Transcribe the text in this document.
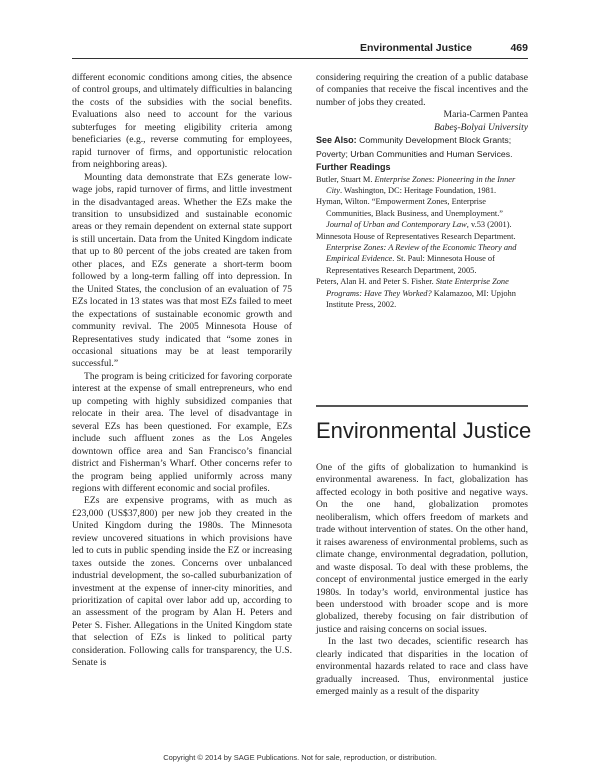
Environmental Justice	469

different economic conditions among cities, the absence of control groups, and ultimately difficulties in balancing the costs of the subsidies with the social benefits. Evaluations also need to account for the various subterfuges for meeting eligibility criteria among beneficiaries (e.g., reverse commuting for employees, rapid turnover of firms, and opportunistic relocation from neighboring areas).

Mounting data demonstrate that EZs generate low-wage jobs, rapid turnover of firms, and little investment in the disadvantaged areas. Whether the EZs make the transition to unsubsidized and sustainable economic areas or they remain dependent on external state support is still uncertain. Data from the United Kingdom indicate that up to 80 percent of the jobs created are taken from other places, and EZs generate a short-term boom followed by a long-term falling off into depression. In the United States, the conclusion of an evaluation of 75 EZs located in 13 states was that most EZs failed to meet the expectations of sustainable economic growth and community revival. The 2005 Minnesota House of Representatives study indicated that “some zones in occasional situations may be at least temporarily successful.”

The program is being criticized for favoring corporate interest at the expense of small entrepreneurs, who end up competing with highly subsidized companies that relocate in their area. The level of disadvantage in several EZs has been questioned. For example, EZs include such affluent zones as the Los Angeles downtown office area and San Francisco’s financial district and Fisherman’s Wharf. Other concerns refer to the program being applied uniformly across many regions with different economic and social profiles.

EZs are expensive programs, with as much as £23,000 (US$37,800) per new job they created in the United Kingdom during the 1980s. The Minnesota review uncovered situations in which provisions have led to cuts in public spending inside the EZ or increasing taxes outside the zones. Concerns over unbalanced industrial development, the so-called suburbanization of investment at the expense of inner-city minorities, and prioritization of capital over labor add up, according to an assessment of the program by Alan H. Peters and Peter S. Fisher. Allegations in the United Kingdom state that selection of EZs is linked to political party consideration. Following calls for transparency, the U.S. Senate is

considering requiring the creation of a public database of companies that receive the fiscal incentives and the number of jobs they created.

Maria-Carmen Pantea
Babeş-Bolyai University

See Also: Community Development Block Grants; Poverty; Urban Communities and Human Services.

Further Readings

Butler, Stuart M. Enterprise Zones: Pioneering in the Inner City. Washington, DC: Heritage Foundation, 1981.

Hyman, Wilton. “Empowerment Zones, Enterprise Communities, Black Business, and Unemployment.” Journal of Urban and Contemporary Law, v.53 (2001).

Minnesota House of Representatives Research Department. Enterprise Zones: A Review of the Economic Theory and Empirical Evidence. St. Paul: Minnesota House of Representatives Research Department, 2005.

Peters, Alan H. and Peter S. Fisher. State Enterprise Zone Programs: Have They Worked? Kalamazoo, MI: Upjohn Institute Press, 2002.

Environmental Justice

One of the gifts of globalization to humankind is environmental awareness. In fact, globalization has affected ecology in both positive and negative ways. On the one hand, globalization promotes neoliberalism, which offers freedom of markets and trade without intervention of states. On the other hand, it raises awareness of environmental problems, such as climate change, environmental degradation, pollution, and waste disposal. To deal with these problems, the concept of environmental justice emerged in the early 1980s. In today’s world, environmental justice has been understood with broader scope and is more globalized, thereby focusing on fair distribution of justice and raising concerns on social issues.

In the last two decades, scientific research has clearly indicated that disparities in the location of environmental hazards related to race and class have gradually increased. Thus, environmental justice emerged mainly as a result of the disparity

Copyright © 2014 by SAGE Publications. Not for sale, reproduction, or distribution.
